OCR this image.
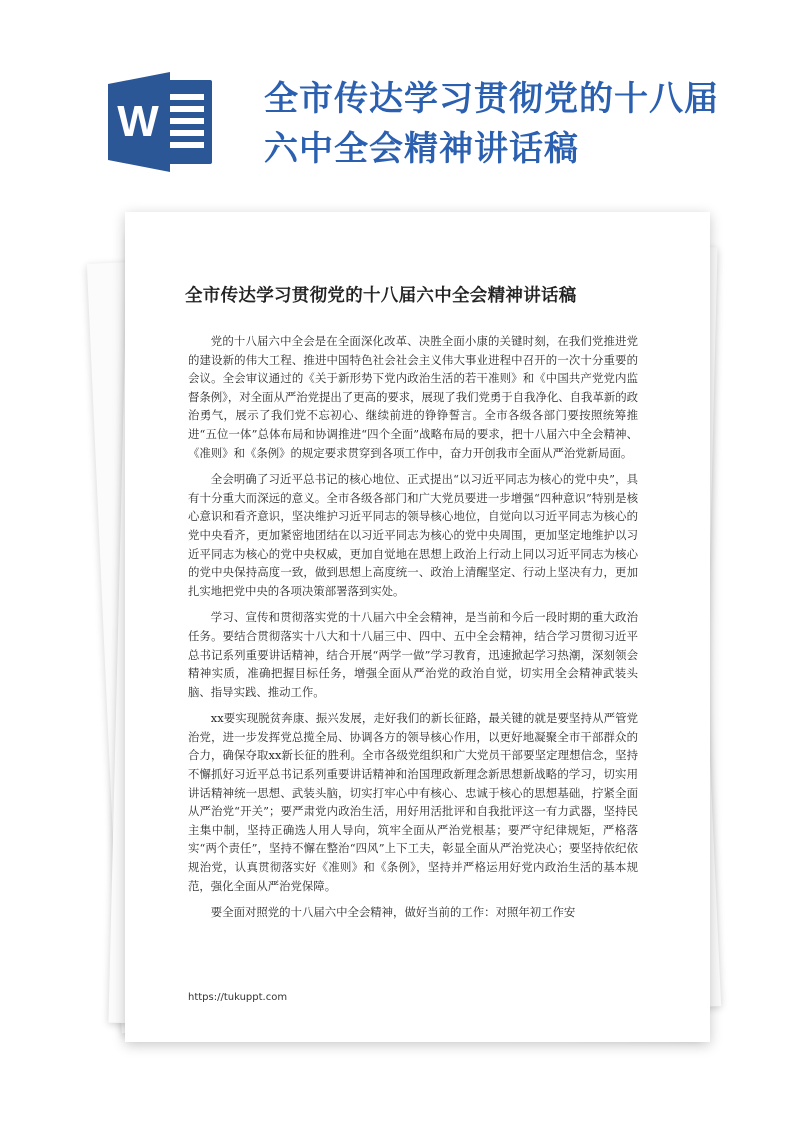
W	全市传达学习贯彻党的十八届六中全会精神讲话稿
全市传达学习贯彻党的十八届六中全会精神讲话稿

党的十八届六中全会是在全面深化改革、决胜全面小康的关键时刻，在我们党推进党的建设新的伟大工程、推进中国特色社会社会主义伟大事业进程中召开的一次十分重要的会议。全会审议通过的《关于新形势下党内政治生活的若干准则》和《中国共产党党内监督条例》，对全面从严治党提出了更高的要求，展现了我们党勇于自我净化、自我革新的政治勇气，展示了我们党不忘初心、继续前进的铮铮誓言。全市各级各部门要按照统筹推进“五位一体”总体布局和协调推进“四个全面”战略布局的要求，把十八届六中全会精神、《准则》和《条例》的规定要求贯穿到各项工作中，奋力开创我市全面从严治党新局面。

全会明确了习近平总书记的核心地位、正式提出“以习近平同志为核心的党中央”，具有十分重大而深远的意义。全市各级各部门和广大党员要进一步增强“四种意识”特别是核心意识和看齐意识，坚决维护习近平同志的领导核心地位，自觉向以习近平同志为核心的党中央看齐，更加紧密地团结在以习近平同志为核心的党中央周围，更加坚定地维护以习近平同志为核心的党中央权威，更加自觉地在思想上政治上行动上同以习近平同志为核心的党中央保持高度一致，做到思想上高度统一、政治上清醒坚定、行动上坚决有力，更加扎实地把党中央的各项决策部署落到实处。

学习、宣传和贯彻落实党的十八届六中全会精神，是当前和今后一段时期的重大政治任务。要结合贯彻落实十八大和十八届三中、四中、五中全会精神，结合学习贯彻习近平总书记系列重要讲话精神，结合开展“两学一做”学习教育，迅速掀起学习热潮，深刻领会精神实质，准确把握目标任务，增强全面从严治党的政治自觉，切实用全会精神武装头脑、指导实践、推动工作。

xx要实现脱贫奔康、振兴发展，走好我们的新长征路，最关键的就是要坚持从严管党治党，进一步发挥党总揽全局、协调各方的领导核心作用，以更好地凝聚全市干部群众的合力，确保夺取xx新长征的胜利。全市各级党组织和广大党员干部要坚定理想信念，坚持不懈抓好习近平总书记系列重要讲话精神和治国理政新理念新思想新战略的学习，切实用讲话精神统一思想、武装头脑，切实打牢心中有核心、忠诚于核心的思想基础，拧紧全面从严治党“开关”；要严肃党内政治生活，用好用活批评和自我批评这一有力武器，坚持民主集中制，坚持正确选人用人导向，筑牢全面从严治党根基；要严守纪律规矩，严格落实“两个责任”，坚持不懈在整治“四风”上下工夫，彰显全面从严治党决心；要坚持依纪依规治党，认真贯彻落实好《准则》和《条例》，坚持并严格运用好党内政治生活的基本规范，强化全面从严治党保障。

要全面对照党的十八届六中全会精神，做好当前的工作：对照年初工作安

https://tukuppt.com
